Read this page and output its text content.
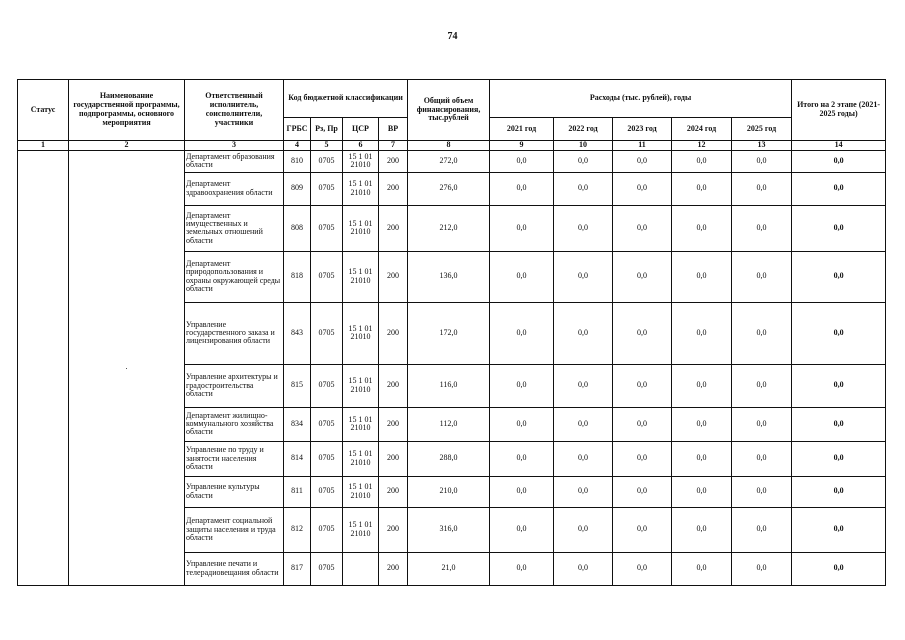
74
Статус	Наименование государственной программы, подпрограммы, основного мероприятия	Ответственный исполнитель, соисполнители, участники	Код бюджетной классификации				Общий объем финансирования, тыс.рублей	Расходы (тыс. рублей), годы					Итого на 2 этапе (2021-2025 годы)
			ГРБС	Рз, Пр	ЦСР	ВР		2021 год	2022 год	2023 год	2024 год	2025 год	
1	2	3	4	5	6	7	8	9	10	11	12	13	14
	.	Департамент образования области	810	0705	15 1 01 21010	200	272,0	0,0	0,0	0,0	0,0	0,0	0,0
		Департамент здравоохранения области	809	0705	15 1 01 21010	200	276,0	0,0	0,0	0,0	0,0	0,0	0,0
		Департамент имущественных и земельных отношений области	808	0705	15 1 01 21010	200	212,0	0,0	0,0	0,0	0,0	0,0	0,0
		Департамент природопользования и охраны окружающей среды области	818	0705	15 1 01 21010	200	136,0	0,0	0,0	0,0	0,0	0,0	0,0
		Управление государственного заказа и лицензирования области	843	0705	15 1 01 21010	200	172,0	0,0	0,0	0,0	0,0	0,0	0,0
		Управление архитектуры и градостроительства области	815	0705	15 1 01 21010	200	116,0	0,0	0,0	0,0	0,0	0,0	0,0
		Департамент жилищно-коммунального хозяйства области	834	0705	15 1 01 21010	200	112,0	0,0	0,0	0,0	0,0	0,0	0,0
		Управление по труду и занятости населения области	814	0705	15 1 01 21010	200	288,0	0,0	0,0	0,0	0,0	0,0	0,0
		Управление культуры области	811	0705	15 1 01 21010	200	210,0	0,0	0,0	0,0	0,0	0,0	0,0
		Департамент социальной защиты населения и труда области	812	0705	15 1 01 21010	200	316,0	0,0	0,0	0,0	0,0	0,0	0,0
		Управление печати и телерадиовещания области	817	0705		200	21,0	0,0	0,0	0,0	0,0	0,0	0,0
